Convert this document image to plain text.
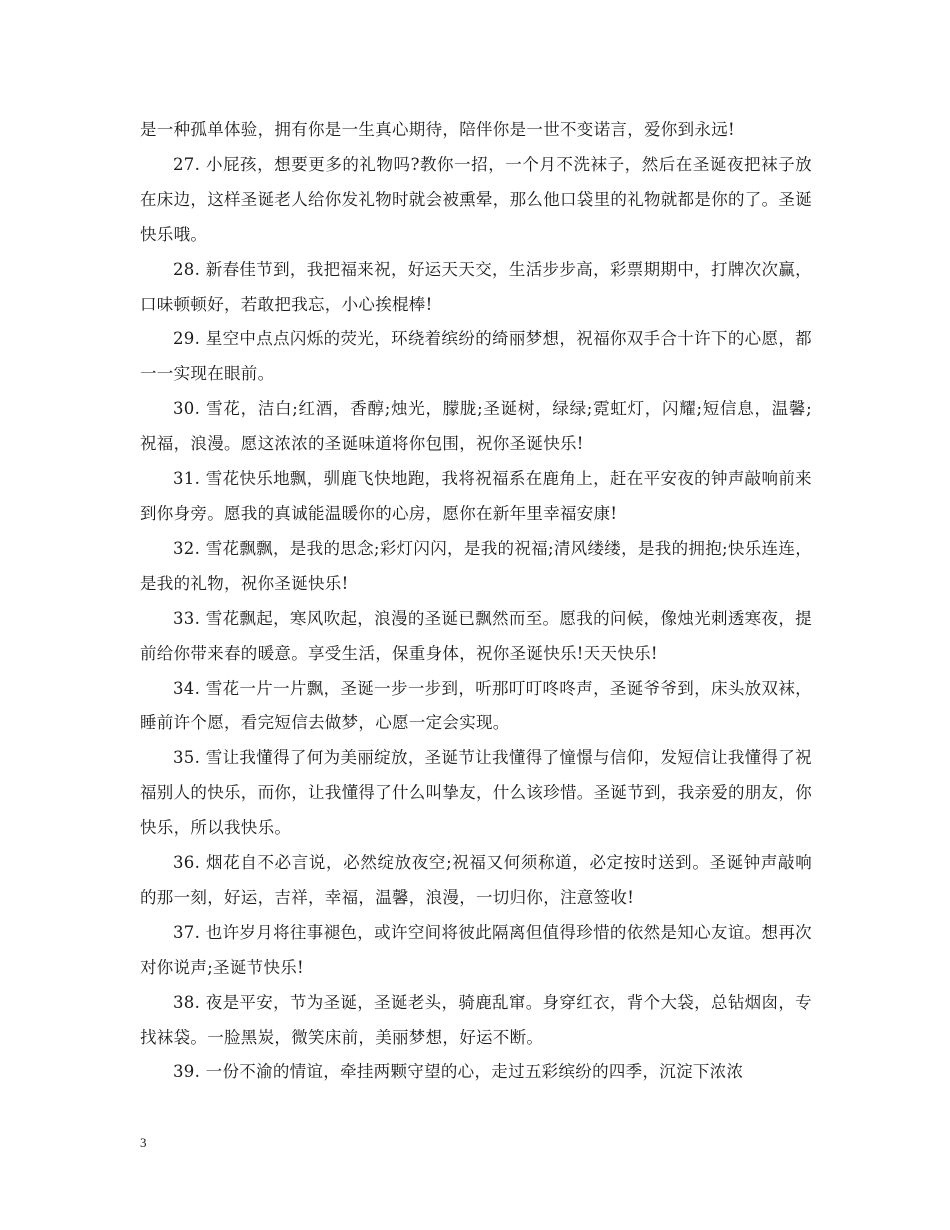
是一种孤单体验，拥有你是一生真心期待，陪伴你是一世不变诺言，爱你到永远!

27. 小屁孩，想要更多的礼物吗?教你一招，一个月不洗袜子，然后在圣诞夜把袜子放在床边，这样圣诞老人给你发礼物时就会被熏晕，那么他口袋里的礼物就都是你的了。圣诞快乐哦。

28. 新春佳节到，我把福来祝，好运天天交，生活步步高，彩票期期中，打牌次次赢，口味顿顿好，若敢把我忘，小心挨棍棒!

29. 星空中点点闪烁的荧光，环绕着缤纷的绮丽梦想，祝福你双手合十许下的心愿，都一一实现在眼前。

30. 雪花，洁白;红酒，香醇;烛光，朦胧;圣诞树，绿绿;霓虹灯，闪耀;短信息，温馨;祝福，浪漫。愿这浓浓的圣诞味道将你包围，祝你圣诞快乐!

31. 雪花快乐地飘，驯鹿飞快地跑，我将祝福系在鹿角上，赶在平安夜的钟声敲响前来到你身旁。愿我的真诚能温暖你的心房，愿你在新年里幸福安康!

32. 雪花飘飘，是我的思念;彩灯闪闪，是我的祝福;清风缕缕，是我的拥抱;快乐连连，是我的礼物，祝你圣诞快乐!

33. 雪花飘起，寒风吹起，浪漫的圣诞已飘然而至。愿我的问候，像烛光刺透寒夜，提前给你带来春的暖意。享受生活，保重身体，祝你圣诞快乐!天天快乐!

34. 雪花一片一片飘，圣诞一步一步到，听那叮叮咚咚声，圣诞爷爷到，床头放双袜，睡前许个愿，看完短信去做梦，心愿一定会实现。

35. 雪让我懂得了何为美丽绽放，圣诞节让我懂得了憧憬与信仰，发短信让我懂得了祝福别人的快乐，而你，让我懂得了什么叫挚友，什么该珍惜。圣诞节到，我亲爱的朋友，你快乐，所以我快乐。

36. 烟花自不必言说，必然绽放夜空;祝福又何须称道，必定按时送到。圣诞钟声敲响的那一刻，好运，吉祥，幸福，温馨，浪漫，一切归你，注意签收!

37. 也许岁月将往事褪色，或许空间将彼此隔离但值得珍惜的依然是知心友谊。想再次对你说声;圣诞节快乐!

38. 夜是平安，节为圣诞，圣诞老头，骑鹿乱窜。身穿红衣，背个大袋，总钻烟囱，专找袜袋。一脸黑炭，微笑床前，美丽梦想，好运不断。

39. 一份不渝的情谊，牵挂两颗守望的心，走过五彩缤纷的四季，沉淀下浓浓

3
